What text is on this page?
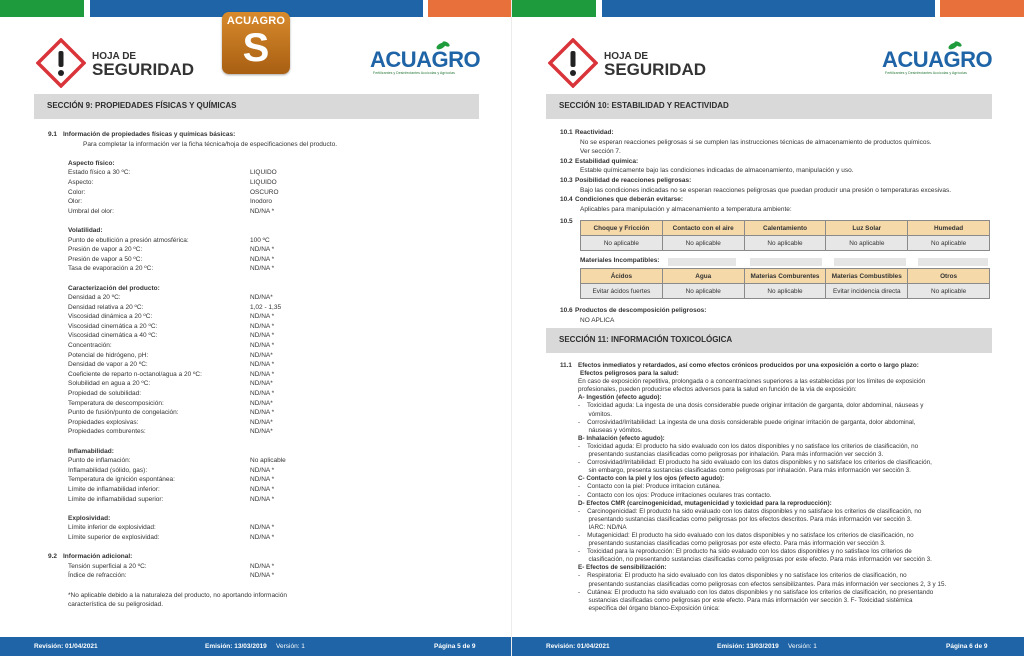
HOJA DE
SEGURIDAD
ACUAGRO
S	ACUAGRO
Fertilizantes y Desinfectantes Acuícolas y Agrícolas
SECCIÓN 9: PROPIEDADES FÍSICAS Y QUÍMICAS
9.1 Información de propiedades físicas y químicas básicas:
Para completar la información ver la ficha técnica/hoja de especificaciones del producto.
Aspecto físico:
Estado físico a 30 ºC:	LIQUIDO
Aspecto:	LIQUIDO
Color:	OSCURO
Olor:	Inodoro
Umbral del olor:	ND/NA *
Volatilidad:
Punto de ebullición a presión atmosférica:	100 ºC
Presión de vapor a 20 ºC:	ND/NA *
Presión de vapor a 50 ºC:	ND/NA *
Tasa de evaporación a 20 ºC:	ND/NA *
Caracterización del producto:
Densidad a 20 ºC:	ND/NA*
Densidad relativa a 20 ºC:	1,02 - 1,35
Viscosidad dinámica a 20 ºC:	ND/NA *
Viscosidad cinemática a 20 ºC:	ND/NA *
Viscosidad cinemática a 40 ºC:	ND/NA *
Concentración:	ND/NA *
Potencial de hidrógeno, pH:	ND/NA*
Densidad de vapor a 20 ºC:	ND/NA *
Coeficiente de reparto n-octanol/agua a 20 ºC:	ND/NA *
Solubilidad en agua a 20 ºC:	ND/NA*
Propiedad de solubilidad:	ND/NA *
Temperatura de descomposición:	ND/NA*
Punto de fusión/punto de congelación:	ND/NA *
Propiedades explosivas:	ND/NA*
Propiedades comburentes:	ND/NA*
Inflamabilidad:
Punto de inflamación:	No aplicable
Inflamabilidad (sólido, gas):	ND/NA *
Temperatura de ignición espontánea:	ND/NA *
Límite de inflamabilidad inferior:	ND/NA *
Límite de inflamabilidad superior:	ND/NA *
Explosividad:
Límite inferior de explosividad:	ND/NA *
Límite superior de explosividad:	ND/NA *
9.2 Información adicional:
Tensión superficial a 20 ºC:	ND/NA *
Índice de refracción:	ND/NA *
*No aplicable debido a la naturaleza del producto, no aportando información
característica de su peligrosidad.
Revisión: 01/04/2021	Emisión: 13/03/2019 Versión: 1	Página 5 de 9
HOJA DE
SEGURIDAD	ACUAGRO
Fertilizantes y Desinfectantes Acuícolas y Agrícolas
SECCIÓN 10: ESTABILIDAD Y REACTIVIDAD
10.1 Reactividad:
No se esperan reacciones peligrosas si se cumplen las instrucciones técnicas de almacenamiento de productos químicos.
Ver sección 7.
10.2 Estabilidad química:
Estable químicamente bajo las condiciones indicadas de almacenamiento, manipulación y uso.
10.3 Posibilidad de reacciones peligrosas:
Bajo las condiciones indicadas no se esperan reacciones peligrosas que puedan producir una presión o temperaturas excesivas.
10.4 Condiciones que deberán evitarse:
Aplicables para manipulación y almacenamiento a temperatura ambiente:
10.5
Choque y Fricción	Contacto con el aire	Calentamiento	Luz Solar	Humedad
No aplicable	No aplicable	No aplicable	No aplicable	No aplicable
Materiales Incompatibles:
Ácidos	Agua	Materias Comburentes	Materias Combustibles	Otros
Evitar ácidos fuertes	No aplicable	No aplicable	Evitar incidencia directa	No aplicable
10.6 Productos de descomposición peligrosos:
NO APLICA
SECCIÓN 11: INFORMACIÓN TOXICOLÓGICA
11.1 Efectos inmediatos y retardados, así como efectos crónicos producidos por una exposición a corto o largo plazo:
Efectos peligrosos para la salud:
En caso de exposición repetitiva, prolongada o a concentraciones superiores a las establecidas por los límites de exposición
profesionales, pueden producirse efectos adversos para la salud en función de la vía de exposición:
A- Ingestión (efecto agudo):
-    Toxicidad aguda: La ingesta de una dosis considerable puede originar irritación de garganta, dolor abdominal, náuseas y
vómitos.
-    Corrosividad/Irritabilidad: La ingesta de una dosis considerable puede originar irritación de garganta, dolor abdominal,
náuseas y vómitos.
B- Inhalación (efecto agudo):
-    Toxicidad aguda: El producto ha sido evaluado con los datos disponibles y no satisface los criterios de clasificación, no
presentando sustancias clasificadas como peligrosas por inhalación. Para más información ver sección 3.
-    Corrosividad/Irritabilidad: El producto ha sido evaluado con los datos disponibles y no satisface los criterios de clasificación,
sin embargo, presenta sustancias clasificadas como peligrosas por inhalación. Para más información ver sección 3.
C- Contacto con la piel y los ojos (efecto agudo):
-    Contacto con la piel: Produce irritacion cutánea.
-    Contacto con los ojos: Produce irritaciones oculares tras contacto.
D- Efectos CMR (carcinogenicidad, mutagenicidad y toxicidad para la reproducción):
-    Carcinogenicidad: El producto ha sido evaluado con los datos disponibles y no satisface los criterios de clasificación, no
presentando sustancias clasificadas como peligrosas por los efectos descritos. Para más información ver sección 3.
IARC: ND/NA
-    Mutagenicidad: El producto ha sido evaluado con los datos disponibles y no satisface los criterios de clasificación, no
presentando sustancias clasificadas como peligrosas por este efecto. Para más información ver sección 3.
-    Toxicidad para la reproducción: El producto ha sido evaluado con los datos disponibles y no satisface los criterios de
clasificación, no presentando sustancias clasificadas como peligrosas por este efecto. Para más información ver sección 3.
E- Efectos de sensibilización:
-    Respiratoria: El producto ha sido evaluado con los datos disponibles y no satisface los criterios de clasificación, no
presentando sustancias clasificadas como peligrosas con efectos sensibilizantes. Para más información ver secciones 2, 3 y 15.
-    Cutánea: El producto ha sido evaluado con los datos disponibles y no satisface los criterios de clasificación, no presentando
sustancias clasificadas como peligrosas por este efecto. Para más información ver sección 3. F- Toxicidad sistémica
específica del órgano blanco-Exposición única:
Revisión: 01/04/2021	Emisión: 13/03/2019 Versión: 1	Página 6 de 9
